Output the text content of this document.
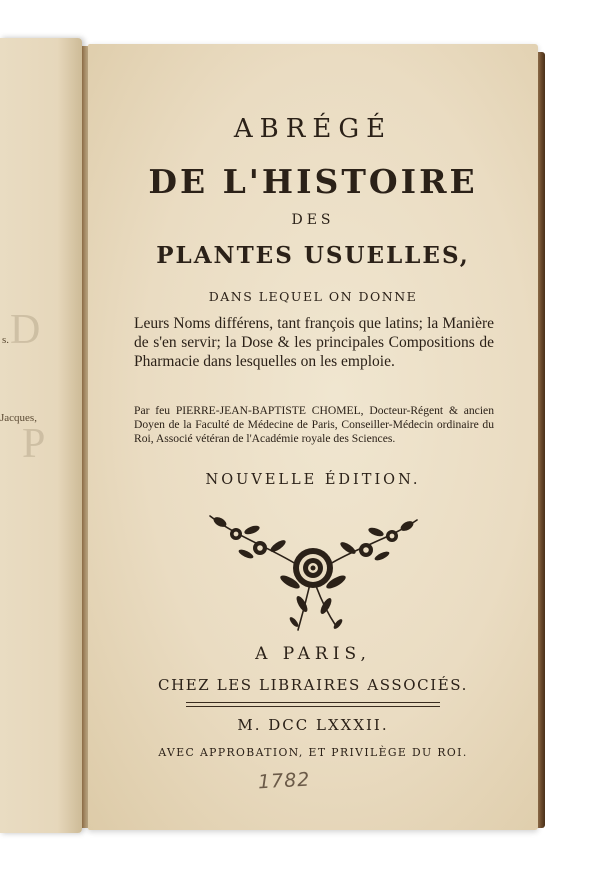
D
P
s.
Jacques,
ABRÉGÉ
DE L'HISTOIRE
DES
PLANTES USUELLES,
DANS LEQUEL ON DONNE
Leurs Noms différens, tant françois que latins; la Manière de s'en servir; la Dose & les principales Compositions de Pharmacie dans lesquelles on les emploie.
Par feu PIERRE-JEAN-BAPTISTE CHOMEL, Docteur-Régent & ancien Doyen de la Faculté de Médecine de Paris, Conseiller-Médecin ordinaire du Roi, Associé vétéran de l'Académie royale des Sciences.
NOUVELLE ÉDITION.
A PARIS,
CHEZ LES LIBRAIRES ASSOCIÉS.
M. DCC LXXXII.
AVEC APPROBATION, ET PRIVILÈGE DU ROI.
1782
